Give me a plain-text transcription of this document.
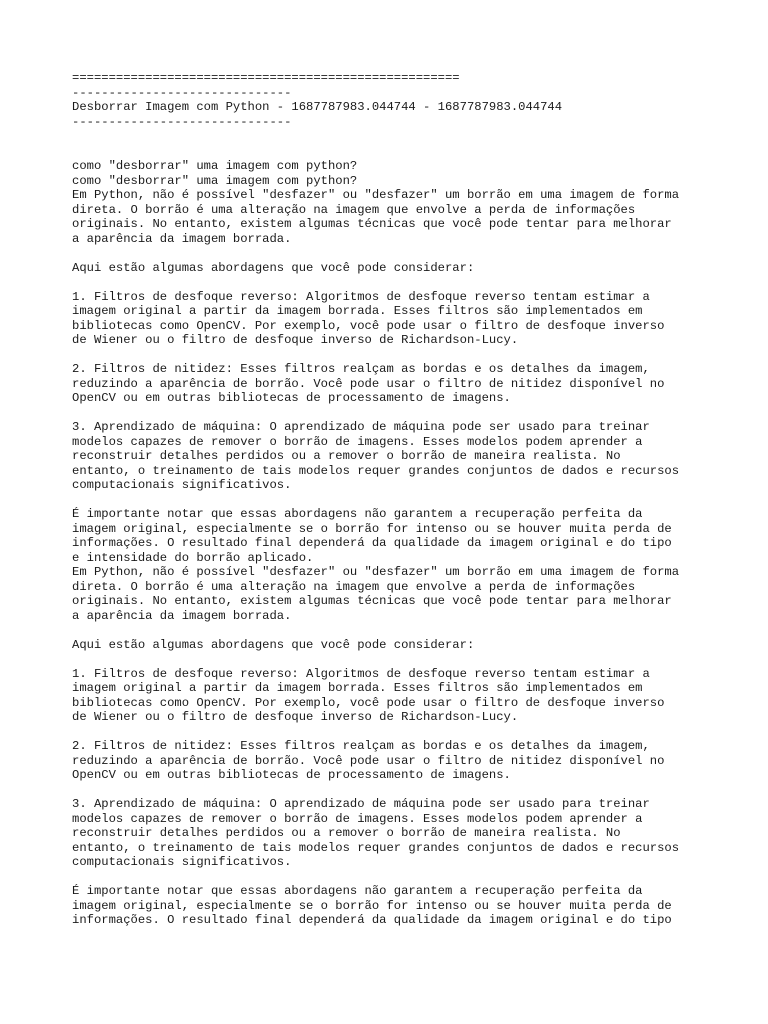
=====================================================
------------------------------
Desborrar Imagem com Python - 1687787983.044744 - 1687787983.044744
------------------------------
como "desborrar" uma imagem com python?
como "desborrar" uma imagem com python?
Em Python, não é possível "desfazer" ou "desfazer" um borrão em uma imagem de forma
direta. O borrão é uma alteração na imagem que envolve a perda de informações
originais. No entanto, existem algumas técnicas que você pode tentar para melhorar
a aparência da imagem borrada.
Aqui estão algumas abordagens que você pode considerar:
1. Filtros de desfoque reverso: Algoritmos de desfoque reverso tentam estimar a
imagem original a partir da imagem borrada. Esses filtros são implementados em
bibliotecas como OpenCV. Por exemplo, você pode usar o filtro de desfoque inverso
de Wiener ou o filtro de desfoque inverso de Richardson-Lucy.
2. Filtros de nitidez: Esses filtros realçam as bordas e os detalhes da imagem,
reduzindo a aparência de borrão. Você pode usar o filtro de nitidez disponível no
OpenCV ou em outras bibliotecas de processamento de imagens.
3. Aprendizado de máquina: O aprendizado de máquina pode ser usado para treinar
modelos capazes de remover o borrão de imagens. Esses modelos podem aprender a
reconstruir detalhes perdidos ou a remover o borrão de maneira realista. No
entanto, o treinamento de tais modelos requer grandes conjuntos de dados e recursos
computacionais significativos.
É importante notar que essas abordagens não garantem a recuperação perfeita da
imagem original, especialmente se o borrão for intenso ou se houver muita perda de
informações. O resultado final dependerá da qualidade da imagem original e do tipo
e intensidade do borrão aplicado.
Em Python, não é possível "desfazer" ou "desfazer" um borrão em uma imagem de forma
direta. O borrão é uma alteração na imagem que envolve a perda de informações
originais. No entanto, existem algumas técnicas que você pode tentar para melhorar
a aparência da imagem borrada.
Aqui estão algumas abordagens que você pode considerar:
1. Filtros de desfoque reverso: Algoritmos de desfoque reverso tentam estimar a
imagem original a partir da imagem borrada. Esses filtros são implementados em
bibliotecas como OpenCV. Por exemplo, você pode usar o filtro de desfoque inverso
de Wiener ou o filtro de desfoque inverso de Richardson-Lucy.
2. Filtros de nitidez: Esses filtros realçam as bordas e os detalhes da imagem,
reduzindo a aparência de borrão. Você pode usar o filtro de nitidez disponível no
OpenCV ou em outras bibliotecas de processamento de imagens.
3. Aprendizado de máquina: O aprendizado de máquina pode ser usado para treinar
modelos capazes de remover o borrão de imagens. Esses modelos podem aprender a
reconstruir detalhes perdidos ou a remover o borrão de maneira realista. No
entanto, o treinamento de tais modelos requer grandes conjuntos de dados e recursos
computacionais significativos.
É importante notar que essas abordagens não garantem a recuperação perfeita da
imagem original, especialmente se o borrão for intenso ou se houver muita perda de
informações. O resultado final dependerá da qualidade da imagem original e do tipo
